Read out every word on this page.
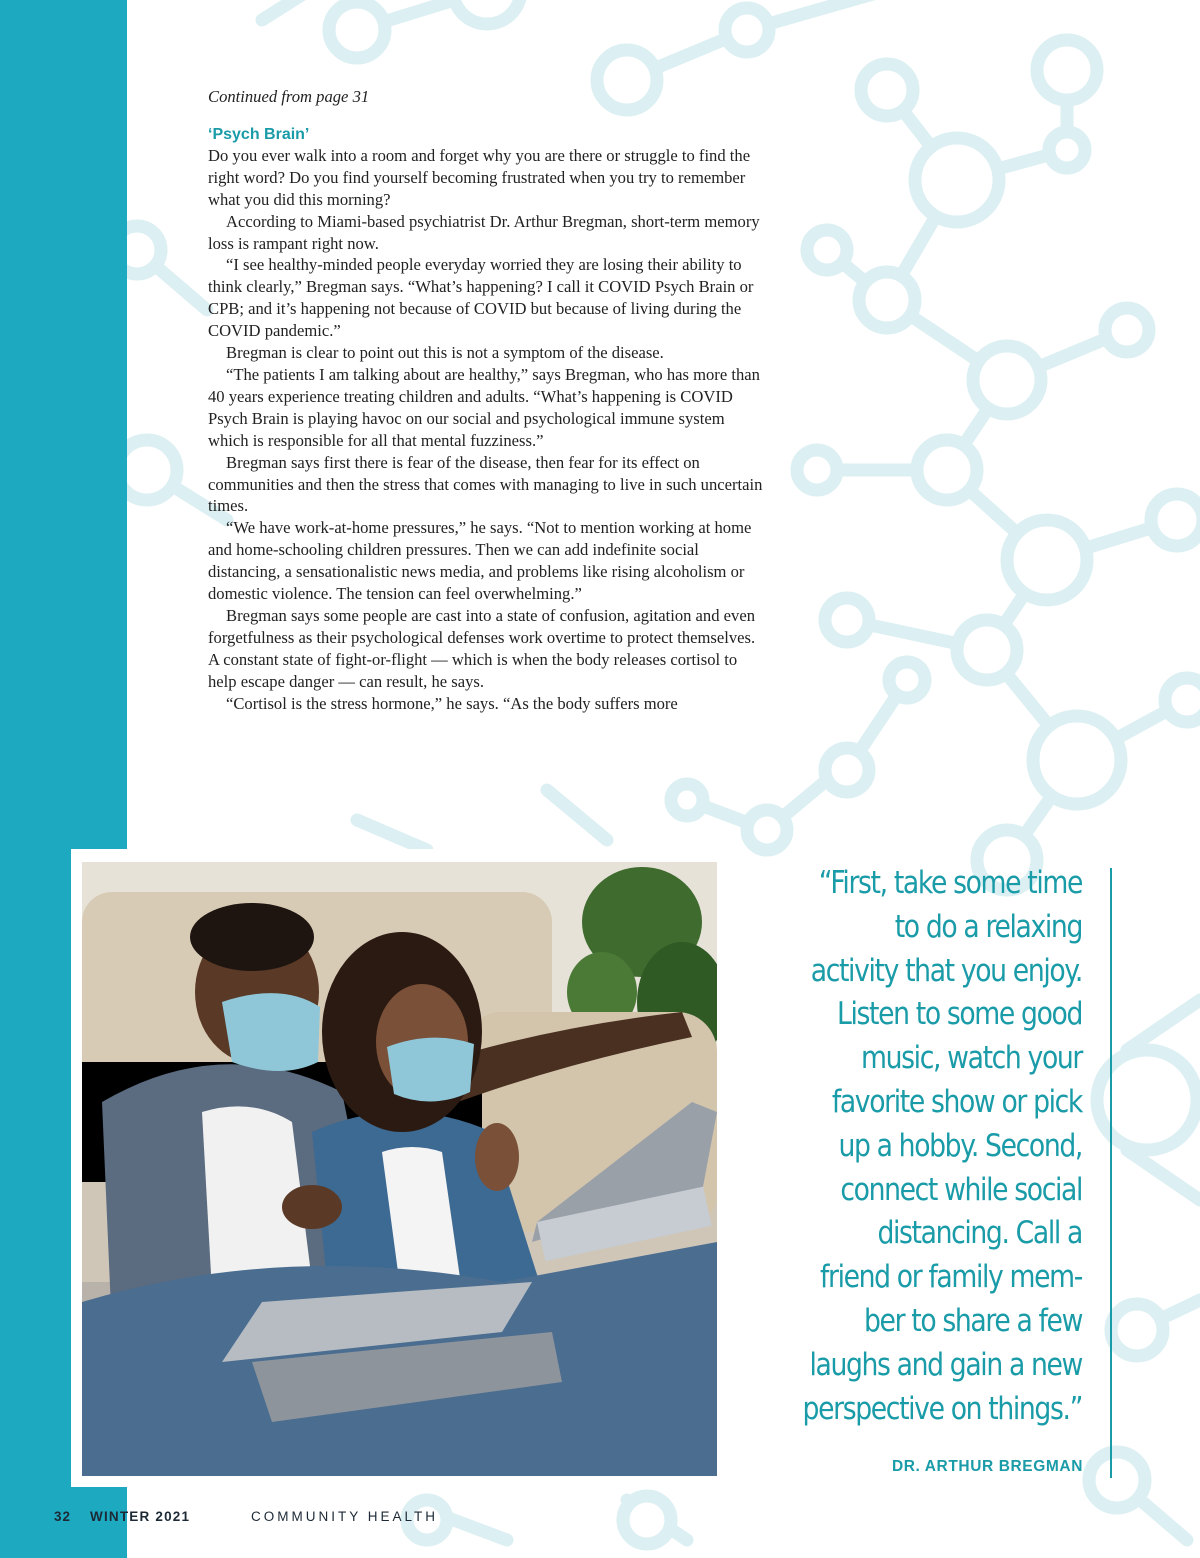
Continued from page 31

‘Psych Brain’

Do you ever walk into a room and forget why you are there or struggle to find the right word? Do you find yourself becoming frustrated when you try to remember what you did this morning?

According to Miami-based psychiatrist Dr. Arthur Bregman, short-term memory loss is rampant right now.

“I see healthy-minded people everyday worried they are losing their ability to think clearly,” Bregman says. “What’s happening? I call it COVID Psych Brain or CPB; and it’s happening not because of COVID but because of living during the COVID pandemic.”

Bregman is clear to point out this is not a symptom of the disease.

“The patients I am talking about are healthy,” says Bregman, who has more than 40 years experience treating children and adults. “What’s happening is COVID Psych Brain is playing havoc on our social and psychological immune system which is responsible for all that mental fuzziness.”

Bregman says first there is fear of the disease, then fear for its effect on communities and then the stress that comes with managing to live in such uncertain times.

“We have work-at-home pressures,” he says. “Not to mention working at home and home-schooling children pressures. Then we can add indefinite social distancing, a sensationalistic news media, and problems like rising alcoholism or domestic violence. The tension can feel overwhelming.”

Bregman says some people are cast into a state of confusion, agitation and even forgetfulness as their psychological defenses work overtime to protect themselves. A constant state of fight-or-flight — which is when the body releases cortisol to help escape danger — can result, he says.

“Cortisol is the stress hormone,” he says. “As the body suffers more

“First, take some time
to do a relaxing
activity that you enjoy.
Listen to some good
music, watch your
favorite show or pick
up a hobby. Second,
connect while social
distancing. Call a
friend or family mem-
ber to share a few
laughs and gain a new
perspective on things.”
DR. ARTHUR BREGMAN
32 WINTER 2021	COMMUNITY HEALTH
